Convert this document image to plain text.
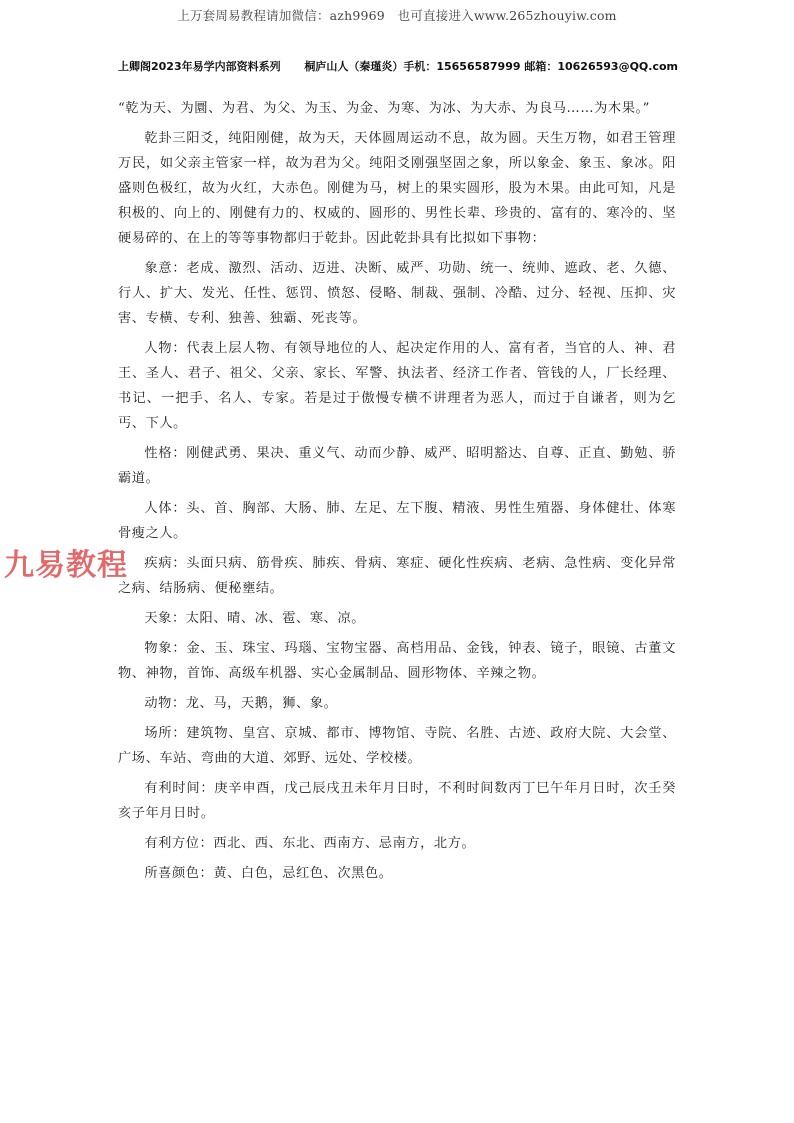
上万套周易教程请加微信：azh9969　也可直接进入www.265zhouyiw.com
上卿阁2023年易学内部资料系列 桐庐山人（秦瑾炎）手机：15656587999 邮箱：10626593@QQ.com
九易教程

“乾为天、为圜、为君、为父、为玉、为金、为寒、为冰、为大赤、为良马……为木果。”

乾卦三阳爻，纯阳刚健，故为天，天体圆周运动不息，故为圆。天生万物，如君王管理万民，如父亲主管家一样，故为君为父。纯阳爻刚强坚固之象，所以象金、象玉、象冰。阳盛则色极红，故为火红，大赤色。刚健为马，树上的果实圆形，股为木果。由此可知，凡是积极的、向上的、刚健有力的、权威的、圆形的、男性长辈、珍贵的、富有的、寒冷的、坚硬易碎的、在上的等等事物都归于乾卦。因此乾卦具有比拟如下事物：

象意：老成、激烈、活动、迈进、决断、威严、功勋、统一、统帅、遮政、老、久德、行人、扩大、发光、任性、惩罚、愤怒、侵略、制裁、强制、冷酷、过分、轻视、压抑、灾害、专横、专利、独善、独霸、死丧等。

人物：代表上层人物、有领导地位的人、起决定作用的人、富有者，当官的人、神、君王、圣人、君子、祖父、父亲、家长、军警、执法者、经济工作者、管钱的人，厂长经理、书记、一把手、名人、专家。若是过于傲慢专横不讲理者为恶人，而过于自谦者，则为乞丐、下人。

性格：刚健武勇、果决、重义气、动而少静、威严、昭明豁达、自尊、正直、勤勉、骄霸道。

人体：头、首、胸部、大肠、肺、左足、左下腹、精液、男性生殖器、身体健壮、体寒骨瘦之人。

疾病：头面只病、筋骨疾、肺疾、骨病、寒症、硬化性疾病、老病、急性病、变化异常之病、结肠病、便秘壅结。

天象：太阳、晴、冰、雹、寒、凉。

物象：金、玉、珠宝、玛瑙、宝物宝器、高档用品、金钱，钟表、镜子，眼镜、古董文物、神物，首饰、高级车机器、实心金属制品、圆形物体、辛辣之物。

动物：龙、马，天鹅，狮、象。

场所：建筑物、皇宫、京城、都市、博物馆、寺院、名胜、古迹、政府大院、大会堂、广场、车站、弯曲的大道、郊野、远处、学校楼。

有利时间：庚辛申酉，戊己辰戌丑未年月日时，不利时间数丙丁巳午年月日时，次壬癸亥子年月日时。

有利方位：西北、西、东北、西南方、忌南方，北方。

所喜颜色：黄、白色，忌红色、次黑色。
